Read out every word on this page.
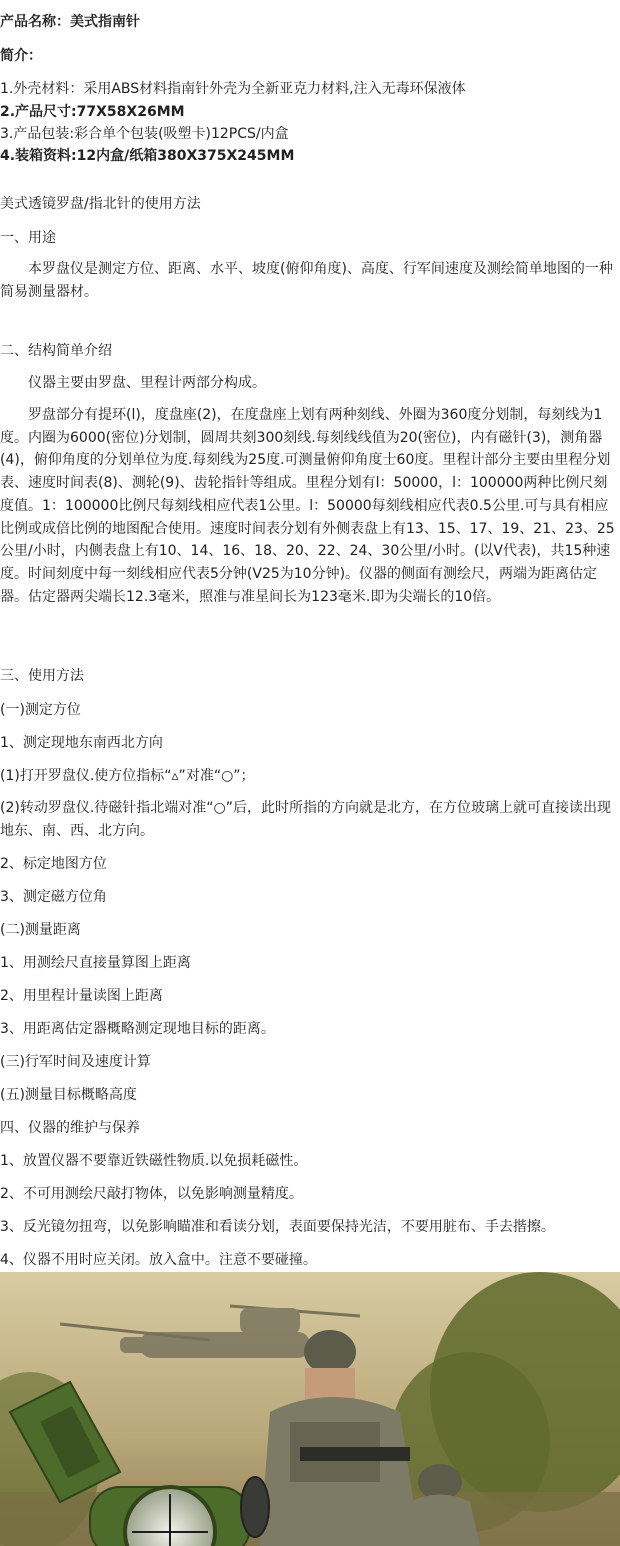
产品名称：美式指南针
简介：
1.外壳材料：采用ABS材料指南针外壳为全新亚克力材料,注入无毒环保液体
2.产品尺寸:77X58X26MM
3.产品包装:彩合单个包装(吸塑卡)12PCS/内盒
4.装箱资料:12内盒/纸箱380X375X245MM
美式透镜罗盘/指北针的使用方法
一、用途
本罗盘仪是测定方位、距离、水平、坡度(俯仰角度)、高度、行军间速度及测绘简单地图的一种简易测量器材。
二、结构简单介绍
仪器主要由罗盘、里程计两部分构成。
罗盘部分有提环(l)，度盘座(2)，在度盘座上划有两种刻线、外圈为360度分划制，每刻线为1度。内圈为6000(密位)分划制，圆周共刻300刻线.每刻线线值为20(密位)，内有磁针(3)，测角器(4)，俯仰角度的分划单位为度.每刻线为25度.可测量俯仰角度士60度。里程计部分主要由里程分划表、速度时间表(8)、测轮(9)、齿轮指针等组成。里程分划有l：50000，l：100000两种比例尺刻度值。1：100000比例尺每刻线相应代表1公里。l：50000每刻线相应代表0.5公里.可与具有相应比例或成倍比例的地图配合使用。速度时间表分划有外侧表盘上有13、15、17、19、21、23、25公里/小时，内侧表盘上有10、14、16、18、20、22、24、30公里/小时。(以V代表)，共15种速度。时间刻度中每一刻线相应代表5分钟(V25为10分钟)。仪器的侧面有测绘尺，两端为距离估定器。估定器两尖端长12.3毫米，照准与准星间长为123毫米.即为尖端长的10倍。
三、使用方法
(一)测定方位
1、测定现地东南西北方向
(1)打开罗盘仪.使方位指标“▵”对准“○”；
(2)转动罗盘仪.待磁针指北端对准“○”后，此时所指的方向就是北方，在方位玻璃上就可直接读出现地东、南、西、北方向。
2、标定地图方位
3、测定磁方位角
(二)测量距离
1、用测绘尺直接量算图上距离
2、用里程计量读图上距离
3、用距离估定器概略测定现地目标的距离。
(三)行军时间及速度计算
(五)测量目标概略高度
四、仪器的维护与保养
1、放置仪器不要靠近铁磁性物质.以免损耗磁性。
2、不可用测绘尺敲打物体，以免影响测量精度。
3、反光镜勿扭弯，以免影响瞄准和看读分划，表面要保持光洁，不要用脏布、手去揩擦。
4、仪器不用时应关闭。放入盒中。注意不要碰撞。
